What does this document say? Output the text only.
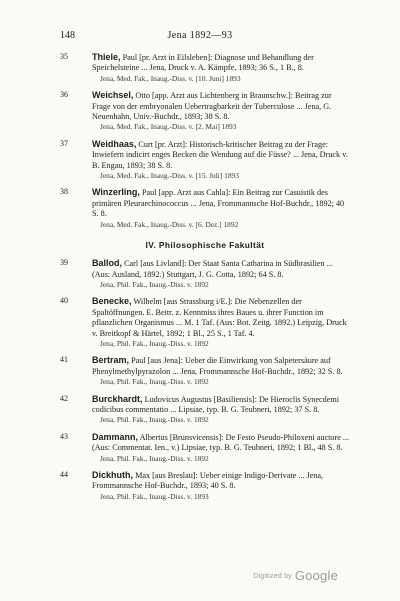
148	Jena 1892—93
35	Thiele, Paul [pr. Arzt in Eilsleben]: Diagnose und Behandlung der Speichelsteine ... Jena, Druck v. A. Kämpfe, 1893; 36 S., 1 B., 8.
Jena, Med. Fak., Inaug.-Diss. v. [10. Juni] 1893
36	Weichsel, Otto [app. Arzt aus Lichtenberg in Braunschw.]: Beitrag zur Frage von der embryonalen Uebertragbarkeit der Tuberculose ... Jena, G. Neuenhahn, Univ.-Buchdr., 1893; 38 S. 8.
Jena, Med. Fak., Inaug.-Diss. v. [2. Mai] 1893
37	Weidhaas, Curt [pr. Arzt]: Historisch-kritischer Beitrag zu der Frage: Inwiefern indicirt enges Becken die Wendung auf die Füsse? ... Jena, Druck v. B. Engau, 1893; 38 S. 8.
Jena, Med. Fak., Inaug.-Diss. v. [15. Juli] 1893
38	Winzerling, Paul [app. Arzt aus Cahla]: Ein Beitrag zur Casuistik des primären Pleuraechinococcus ... Jena, Frommannsche Hof-Buchdr., 1892; 40 S. 8.
Jena, Med. Fak., Inaug.-Diss. v. [6. Dez.] 1892
IV. Philosophische Fakultät
39	Ballod, Carl [aus Livland]: Der Staat Santa Catharina in Südbrasilien ... (Aus: Ausland, 1892.) Stuttgart, J. G. Cotta, 1892; 64 S. 8.
Jena, Phil. Fak., Inaug.-Diss. v. 1892
40	Benecke, Wilhelm [aus Strassburg i/E.]: Die Nebenzellen der Spaltöffnungen. E. Beitr. z. Kenntniss ihres Baues u. ihrer Function im pflanzlichen Organismus ... M. 1 Taf. (Aus: Bot. Zeitg. 1892.) Leipzig, Druck v. Breitkopf & Härtel, 1892; 1 Bl., 25 S., 1 Taf. 4.
Jena, Phil. Fak., Inaug.-Diss. v. 1892
41	Bertram, Paul [aus Jena]: Ueber die Einwirkung von Salpetersäure auf Phenylmethylpyrazolon ... Jena, Frommannsche Hof-Buchdr., 1892; 32 S. 8.
Jena, Phil. Fak., Inaug.-Diss. v. 1892
42	Burckhardt, Ludovicus Augustus [Basiliensis]: De Hieroclis Synecdemi codicibus commentatio ... Lipsiae, typ. B. G. Teubneri, 1892; 37 S. 8.
Jena, Phil. Fak., Inaug.-Diss. v. 1892
43	Dammann, Albertus [Brunsvicensis]: De Festo Pseudo-Philoxeni auctore ... (Aus: Commentat. Ien., v.) Lipsiae, typ. B. G. Teubneri, 1892; 1 Bl., 48 S. 8.
Jena, Phil. Fak., Inaug.-Diss. v. 1892
44	Dickhuth, Max [aus Breslau]: Ueber einige Indigo-Derivate ... Jena, Frommannsche Hof-Buchdr., 1893; 40 S. 8.
Jena, Phil. Fak., Inaug.-Diss. v. 1893
Digitized by Google
